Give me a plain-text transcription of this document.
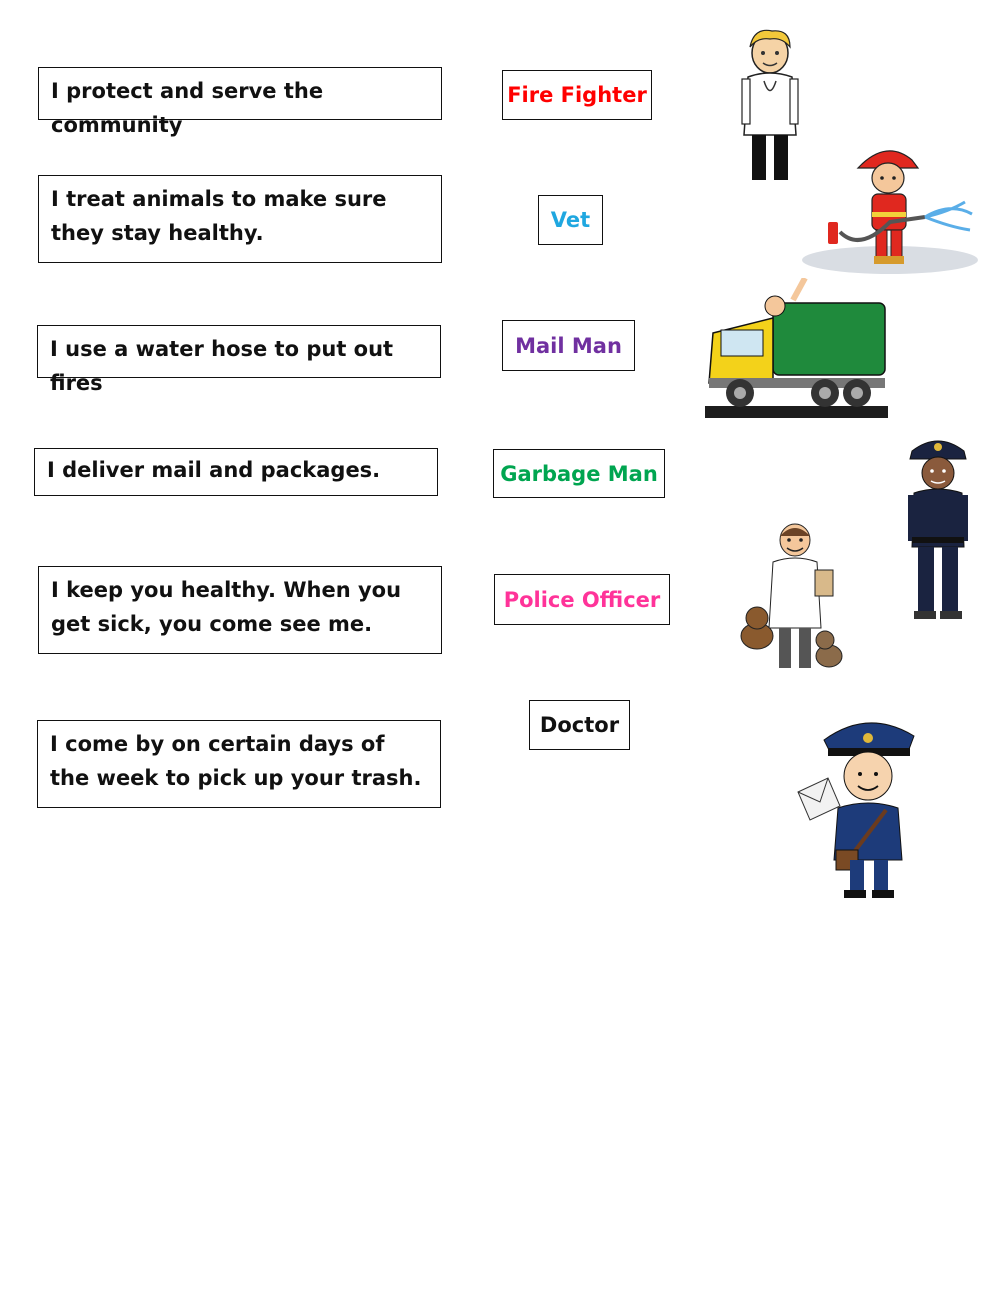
I protect and serve the community
I treat animals to make sure they stay healthy.
I use a water hose to put out fires
I deliver mail and packages.
I keep you healthy. When you get sick, you come see me.
I come by on certain days of the week to pick up your trash.
Fire Fighter
Vet
Mail Man
Garbage Man
Police Officer
Doctor
